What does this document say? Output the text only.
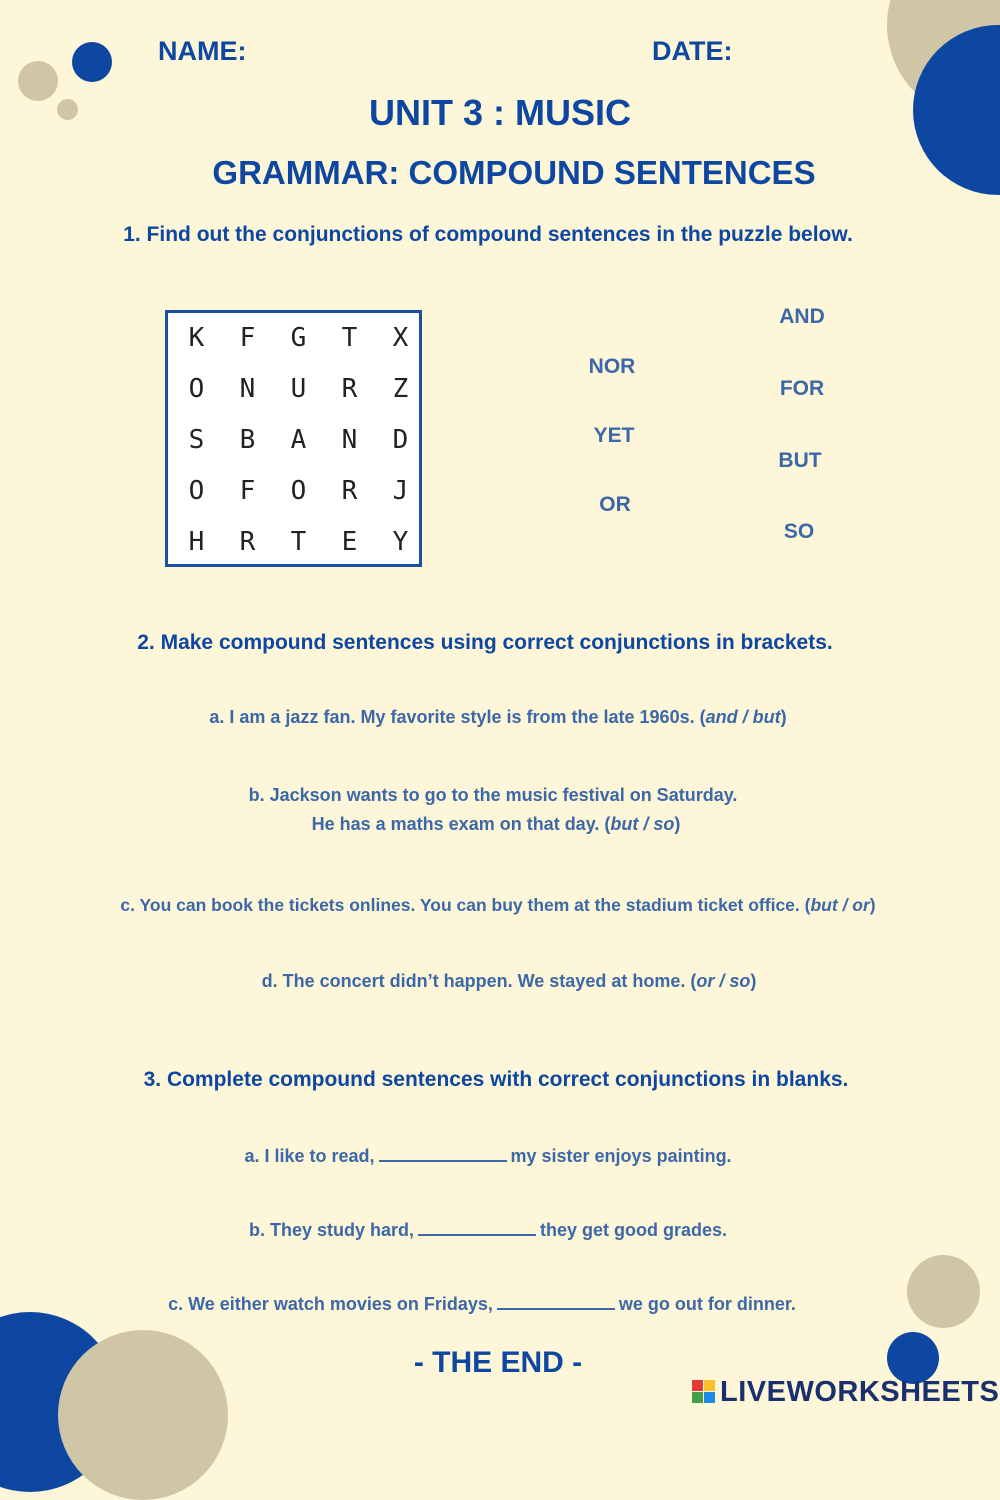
NAME:	DATE:
UNIT 3 : MUSIC
GRAMMAR: COMPOUND SENTENCES
1. Find out the conjunctions of compound sentences in the puzzle below.
K	F	G	T	X
O	N	U	R	Z
S	B	A	N	D
O	F	O	R	J
H	R	T	E	Y
NOR
YET
OR
AND
FOR
BUT
SO
2. Make compound sentences using correct conjunctions in brackets.
a. I am a jazz fan. My favorite style is from the late 1960s. (and / but)
b. Jackson wants to go to the music festival on Saturday.
He has a maths exam on that day. (but / so)
c. You can book the tickets onlines. You can buy them at the stadium ticket office. (but / or)
d. The concert didn’t happen. We stayed at home. (or / so)
3. Complete compound sentences with correct conjunctions in blanks.
a. I like to read,	my sister enjoys painting.
b. They study hard,	they get good grades.
c. We either watch movies on Fridays,	we go out for dinner.
- THE END -
LIVEWORKSHEETS
